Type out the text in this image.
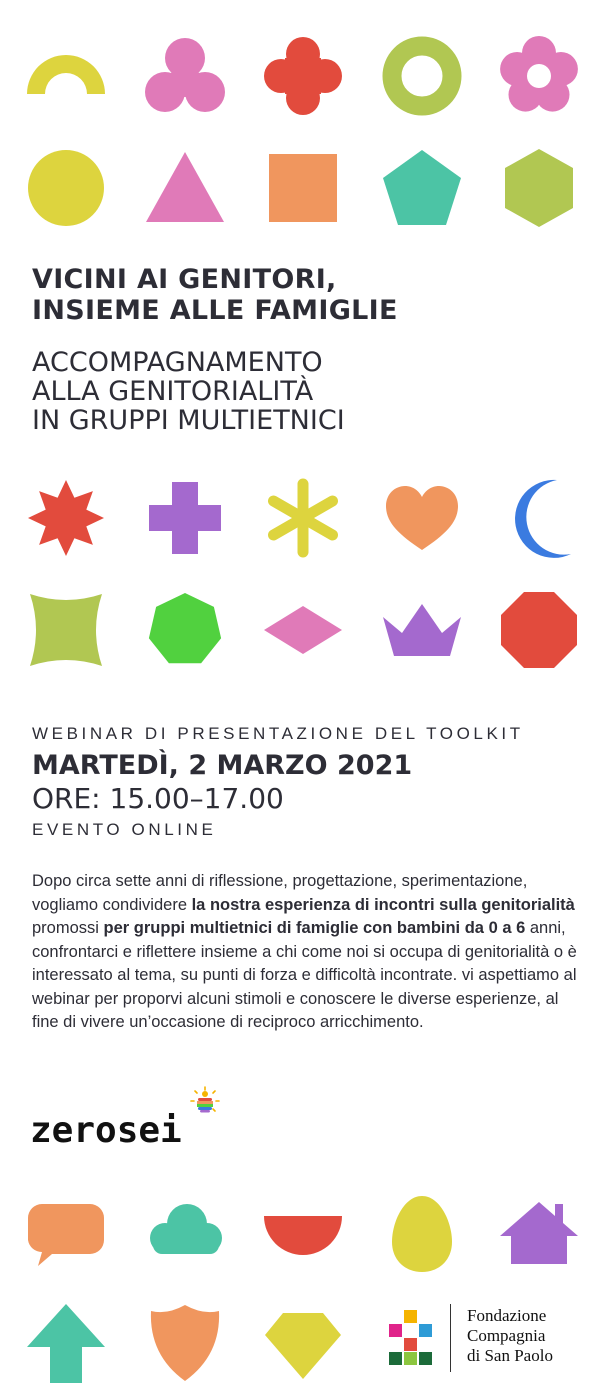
VICINI AI GENITORI,
INSIEME ALLE FAMIGLIE
ACCOMPAGNAMENTO
ALLA GENITORIALITÀ
IN GRUPPI MULTIETNICI
WEBINAR DI PRESENTAZIONE DEL TOOLKIT
MARTEDÌ, 2 MARZO 2021
ORE: 15.00–17.00
EVENTO ONLINE

Dopo circa sette anni di riflessione, progettazione, sperimentazione, vogliamo condividere la nostra esperienza di incontri sulla genitorialità promossi per gruppi multietnici di famiglie con bambini da 0 a 6 anni, confrontarci e riflettere insieme a chi come noi si occupa di genitorialità o è interessato al tema, su punti di forza e difficoltà incontrate. vi aspettiamo al webinar per proporvi alcuni stimoli e conoscere le diverse esperienze, al fine di vivere un’occasione di reciproco arricchimento.

zerosei
Fondazione
Compagnia
di San Paolo
